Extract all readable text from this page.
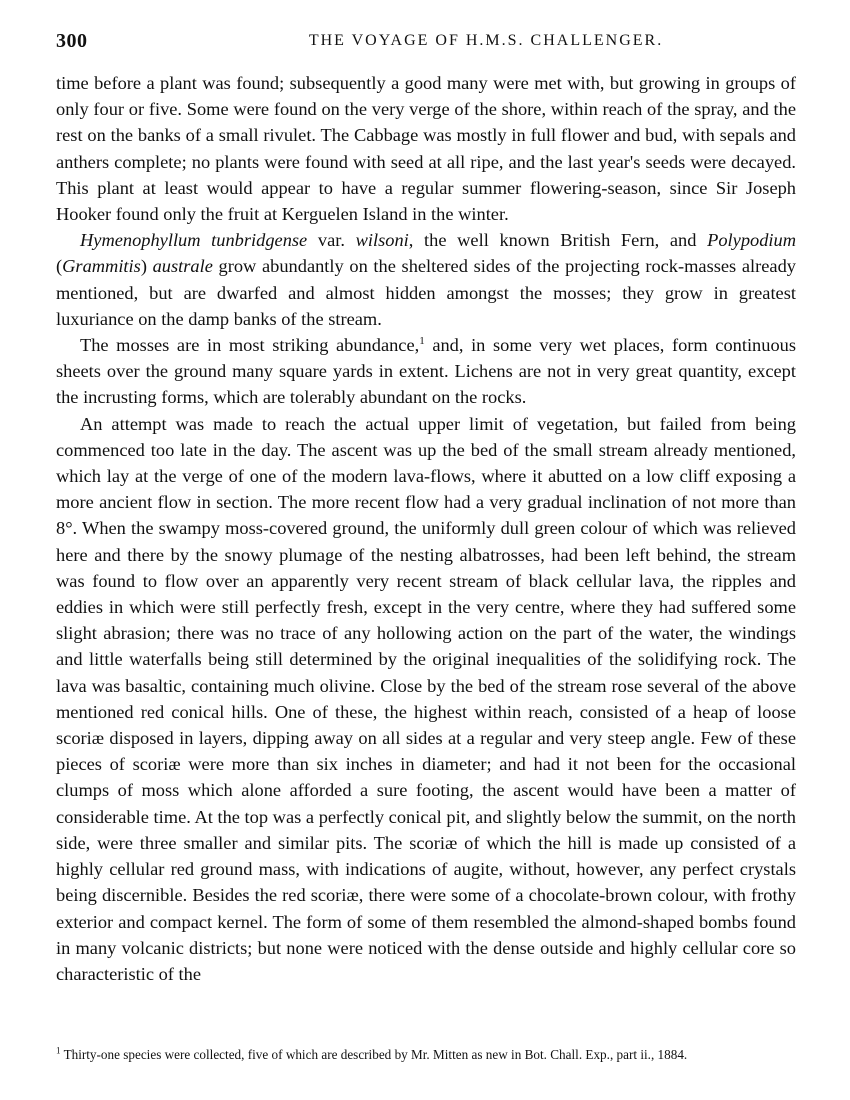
300	THE VOYAGE OF H.M.S. CHALLENGER.

time before a plant was found; subsequently a good many were met with, but growing in groups of only four or five. Some were found on the very verge of the shore, within reach of the spray, and the rest on the banks of a small rivulet. The Cabbage was mostly in full flower and bud, with sepals and anthers complete; no plants were found with seed at all ripe, and the last year's seeds were decayed. This plant at least would appear to have a regular summer flowering-season, since Sir Joseph Hooker found only the fruit at Kerguelen Island in the winter.

Hymenophyllum tunbridgense var. wilsoni, the well known British Fern, and Polypodium (Grammitis) australe grow abundantly on the sheltered sides of the projecting rock-masses already mentioned, but are dwarfed and almost hidden amongst the mosses; they grow in greatest luxuriance on the damp banks of the stream.

The mosses are in most striking abundance,$^1$ and, in some very wet places, form continuous sheets over the ground many square yards in extent. Lichens are not in very great quantity, except the incrusting forms, which are tolerably abundant on the rocks.

An attempt was made to reach the actual upper limit of vegetation, but failed from being commenced too late in the day. The ascent was up the bed of the small stream already mentioned, which lay at the verge of one of the modern lava-flows, where it abutted on a low cliff exposing a more ancient flow in section. The more recent flow had a very gradual inclination of not more than 8°. When the swampy moss-covered ground, the uniformly dull green colour of which was relieved here and there by the snowy plumage of the nesting albatrosses, had been left behind, the stream was found to flow over an apparently very recent stream of black cellular lava, the ripples and eddies in which were still perfectly fresh, except in the very centre, where they had suffered some slight abrasion; there was no trace of any hollowing action on the part of the water, the windings and little waterfalls being still determined by the original inequalities of the solidifying rock. The lava was basaltic, containing much olivine. Close by the bed of the stream rose several of the above mentioned red conical hills. One of these, the highest within reach, consisted of a heap of loose scoriæ disposed in layers, dipping away on all sides at a regular and very steep angle. Few of these pieces of scoriæ were more than six inches in diameter; and had it not been for the occasional clumps of moss which alone afforded a sure footing, the ascent would have been a matter of considerable time. At the top was a perfectly conical pit, and slightly below the summit, on the north side, were three smaller and similar pits. The scoriæ of which the hill is made up consisted of a highly cellular red ground mass, with indications of augite, without, however, any perfect crystals being discernible. Besides the red scoriæ, there were some of a chocolate-brown colour, with frothy exterior and compact kernel. The form of some of them resembled the almond-shaped bombs found in many volcanic districts; but none were noticed with the dense outside and highly cellular core so characteristic of the

$^1$ Thirty-one species were collected, five of which are described by Mr. Mitten as new in Bot. Chall. Exp., part ii., 1884.
